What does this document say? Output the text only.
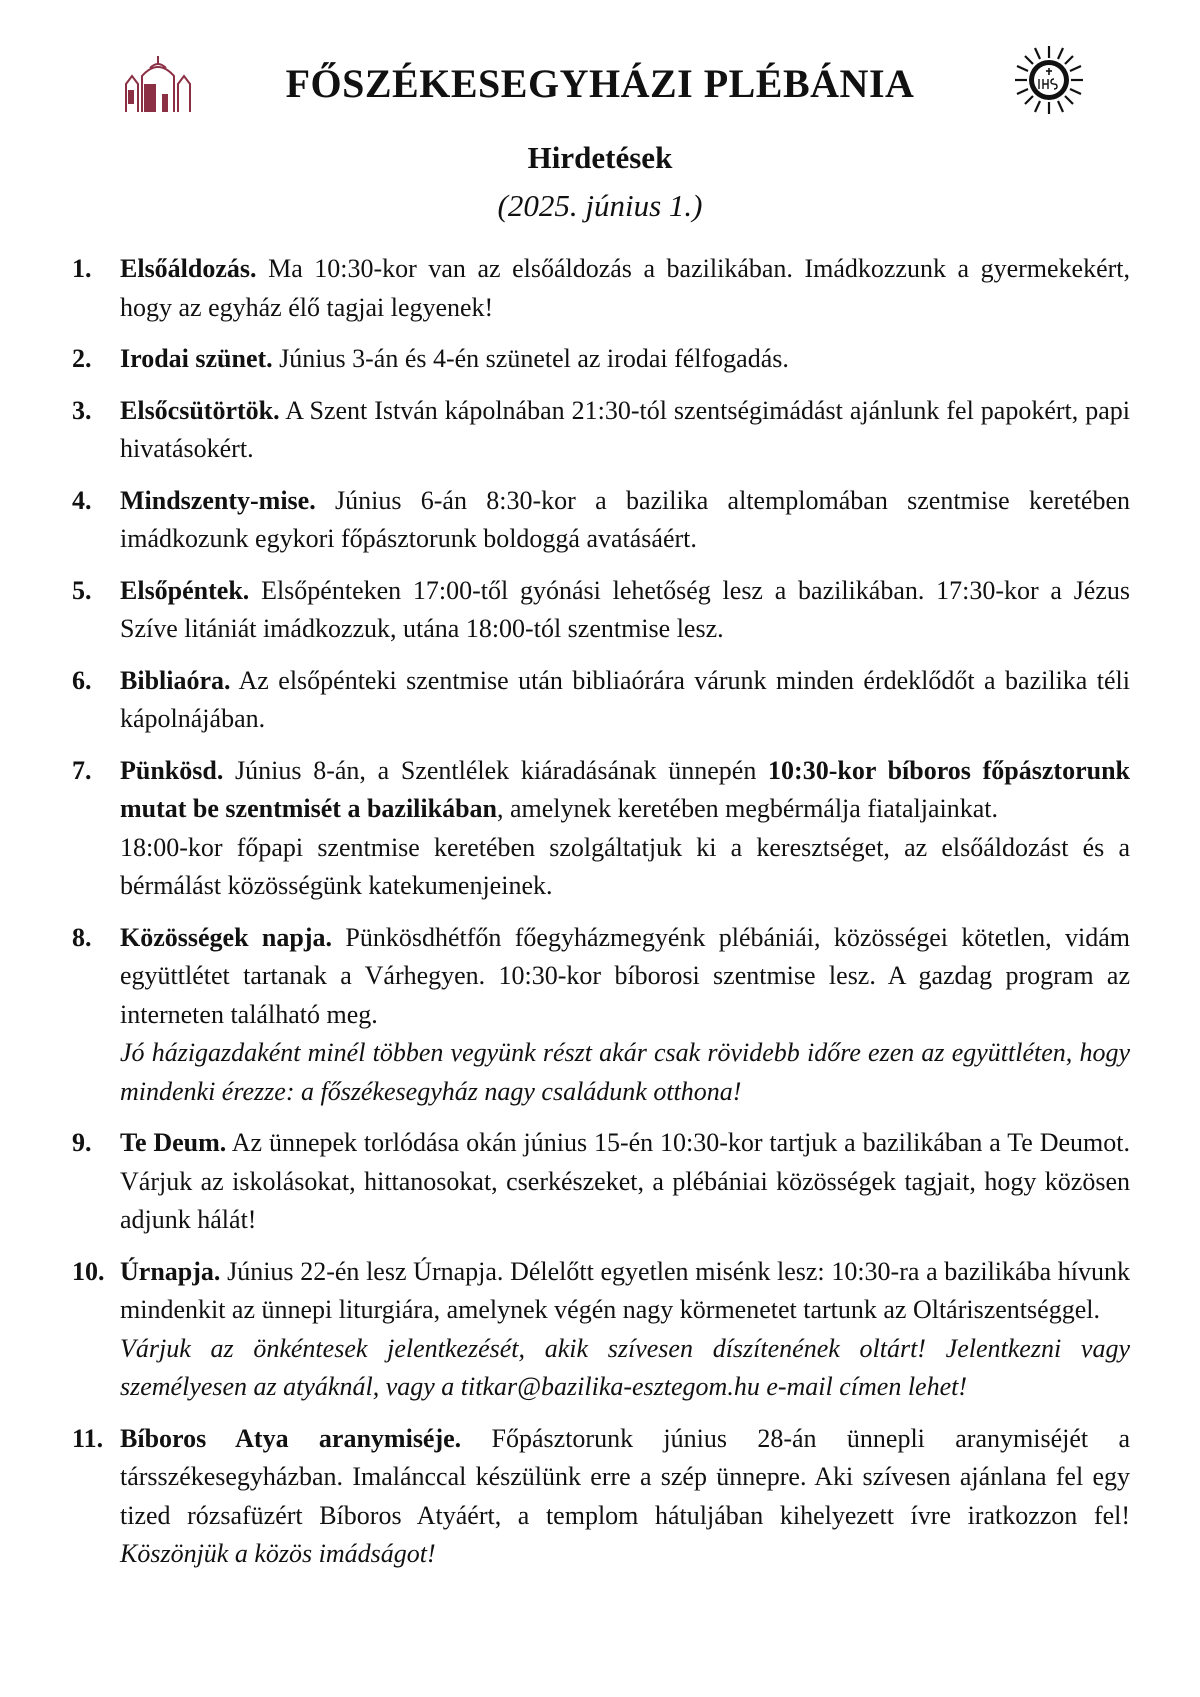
FŐSZÉKESEGYHÁZI PLÉBÁNIA
Hirdetések
(2025. június 1.)
1. Elsőáldozás. Ma 10:30-kor van az elsőáldozás a bazilikában. Imádkozzunk a gyermekekért, hogy az egyház élő tagjai legyenek!
2. Irodai szünet. Június 3-án és 4-én szünetel az irodai félfogadás.
3. Elsőcsütörtök. A Szent István kápolnában 21:30-tól szentségimádást ajánlunk fel papokért, papi hivatásokért.
4. Mindszenty-mise. Június 6-án 8:30-kor a bazilika altemplomában szentmise keretében imádkozunk egykori főpásztorunk boldoggá avatásáért.
5. Elsőpéntek. Elsőpénteken 17:00-től gyónási lehetőség lesz a bazilikában. 17:30-kor a Jézus Szíve litániát imádkozzuk, utána 18:00-tól szentmise lesz.
6. Bibliaóra. Az elsőpénteki szentmise után bibliaórára várunk minden érdeklődőt a bazilika téli kápolnájában.
7. Pünkösd. Június 8-án, a Szentlélek kiáradásának ünnepén 10:30-kor bíboros főpásztorunk mutat be szentmisét a bazilikában, amelynek keretében megbérmálja fiataljainkat.
18:00-kor főpapi szentmise keretében szolgáltatjuk ki a keresztséget, az elsőáldozást és a bérmálást közösségünk katekumenjeinek.
8. Közösségek napja. Pünkösdhétfőn főegyházmegyénk plébániái, közösségei kötetlen, vidám együttlétet tartanak a Várhegyen. 10:30-kor bíborosi szentmise lesz. A gazdag program az interneten található meg.
Jó házigazdaként minél többen vegyünk részt akár csak rövidebb időre ezen az együttléten, hogy mindenki érezze: a főszékesegyház nagy családunk otthona!
9. Te Deum. Az ünnepek torlódása okán június 15-én 10:30-kor tartjuk a bazilikában a Te Deumot. Várjuk az iskolásokat, hittanosokat, cserkészeket, a plébániai közösségek tagjait, hogy közösen adjunk hálát!
10. Úrnapja. Június 22-én lesz Úrnapja. Délelőtt egyetlen misénk lesz: 10:30-ra a bazilikába hívunk mindenkit az ünnepi liturgiára, amelynek végén nagy körmenetet tartunk az Oltáriszentséggel.
Várjuk az önkéntesek jelentkezését, akik szívesen díszítenének oltárt! Jelentkezni vagy személyesen az atyáknál, vagy a titkar@bazilika-esztegom.hu e-mail címen lehet!
11. Bíboros Atya aranymiséje. Főpásztorunk június 28-án ünnepli aranymiséjét a társszékesegyházban. Imalánccal készülünk erre a szép ünnepre. Aki szívesen ajánlana fel egy tized rózsafüzért Bíboros Atyáért, a templom hátuljában kihelyezett ívre iratkozzon fel! Köszönjük a közös imádságot!
